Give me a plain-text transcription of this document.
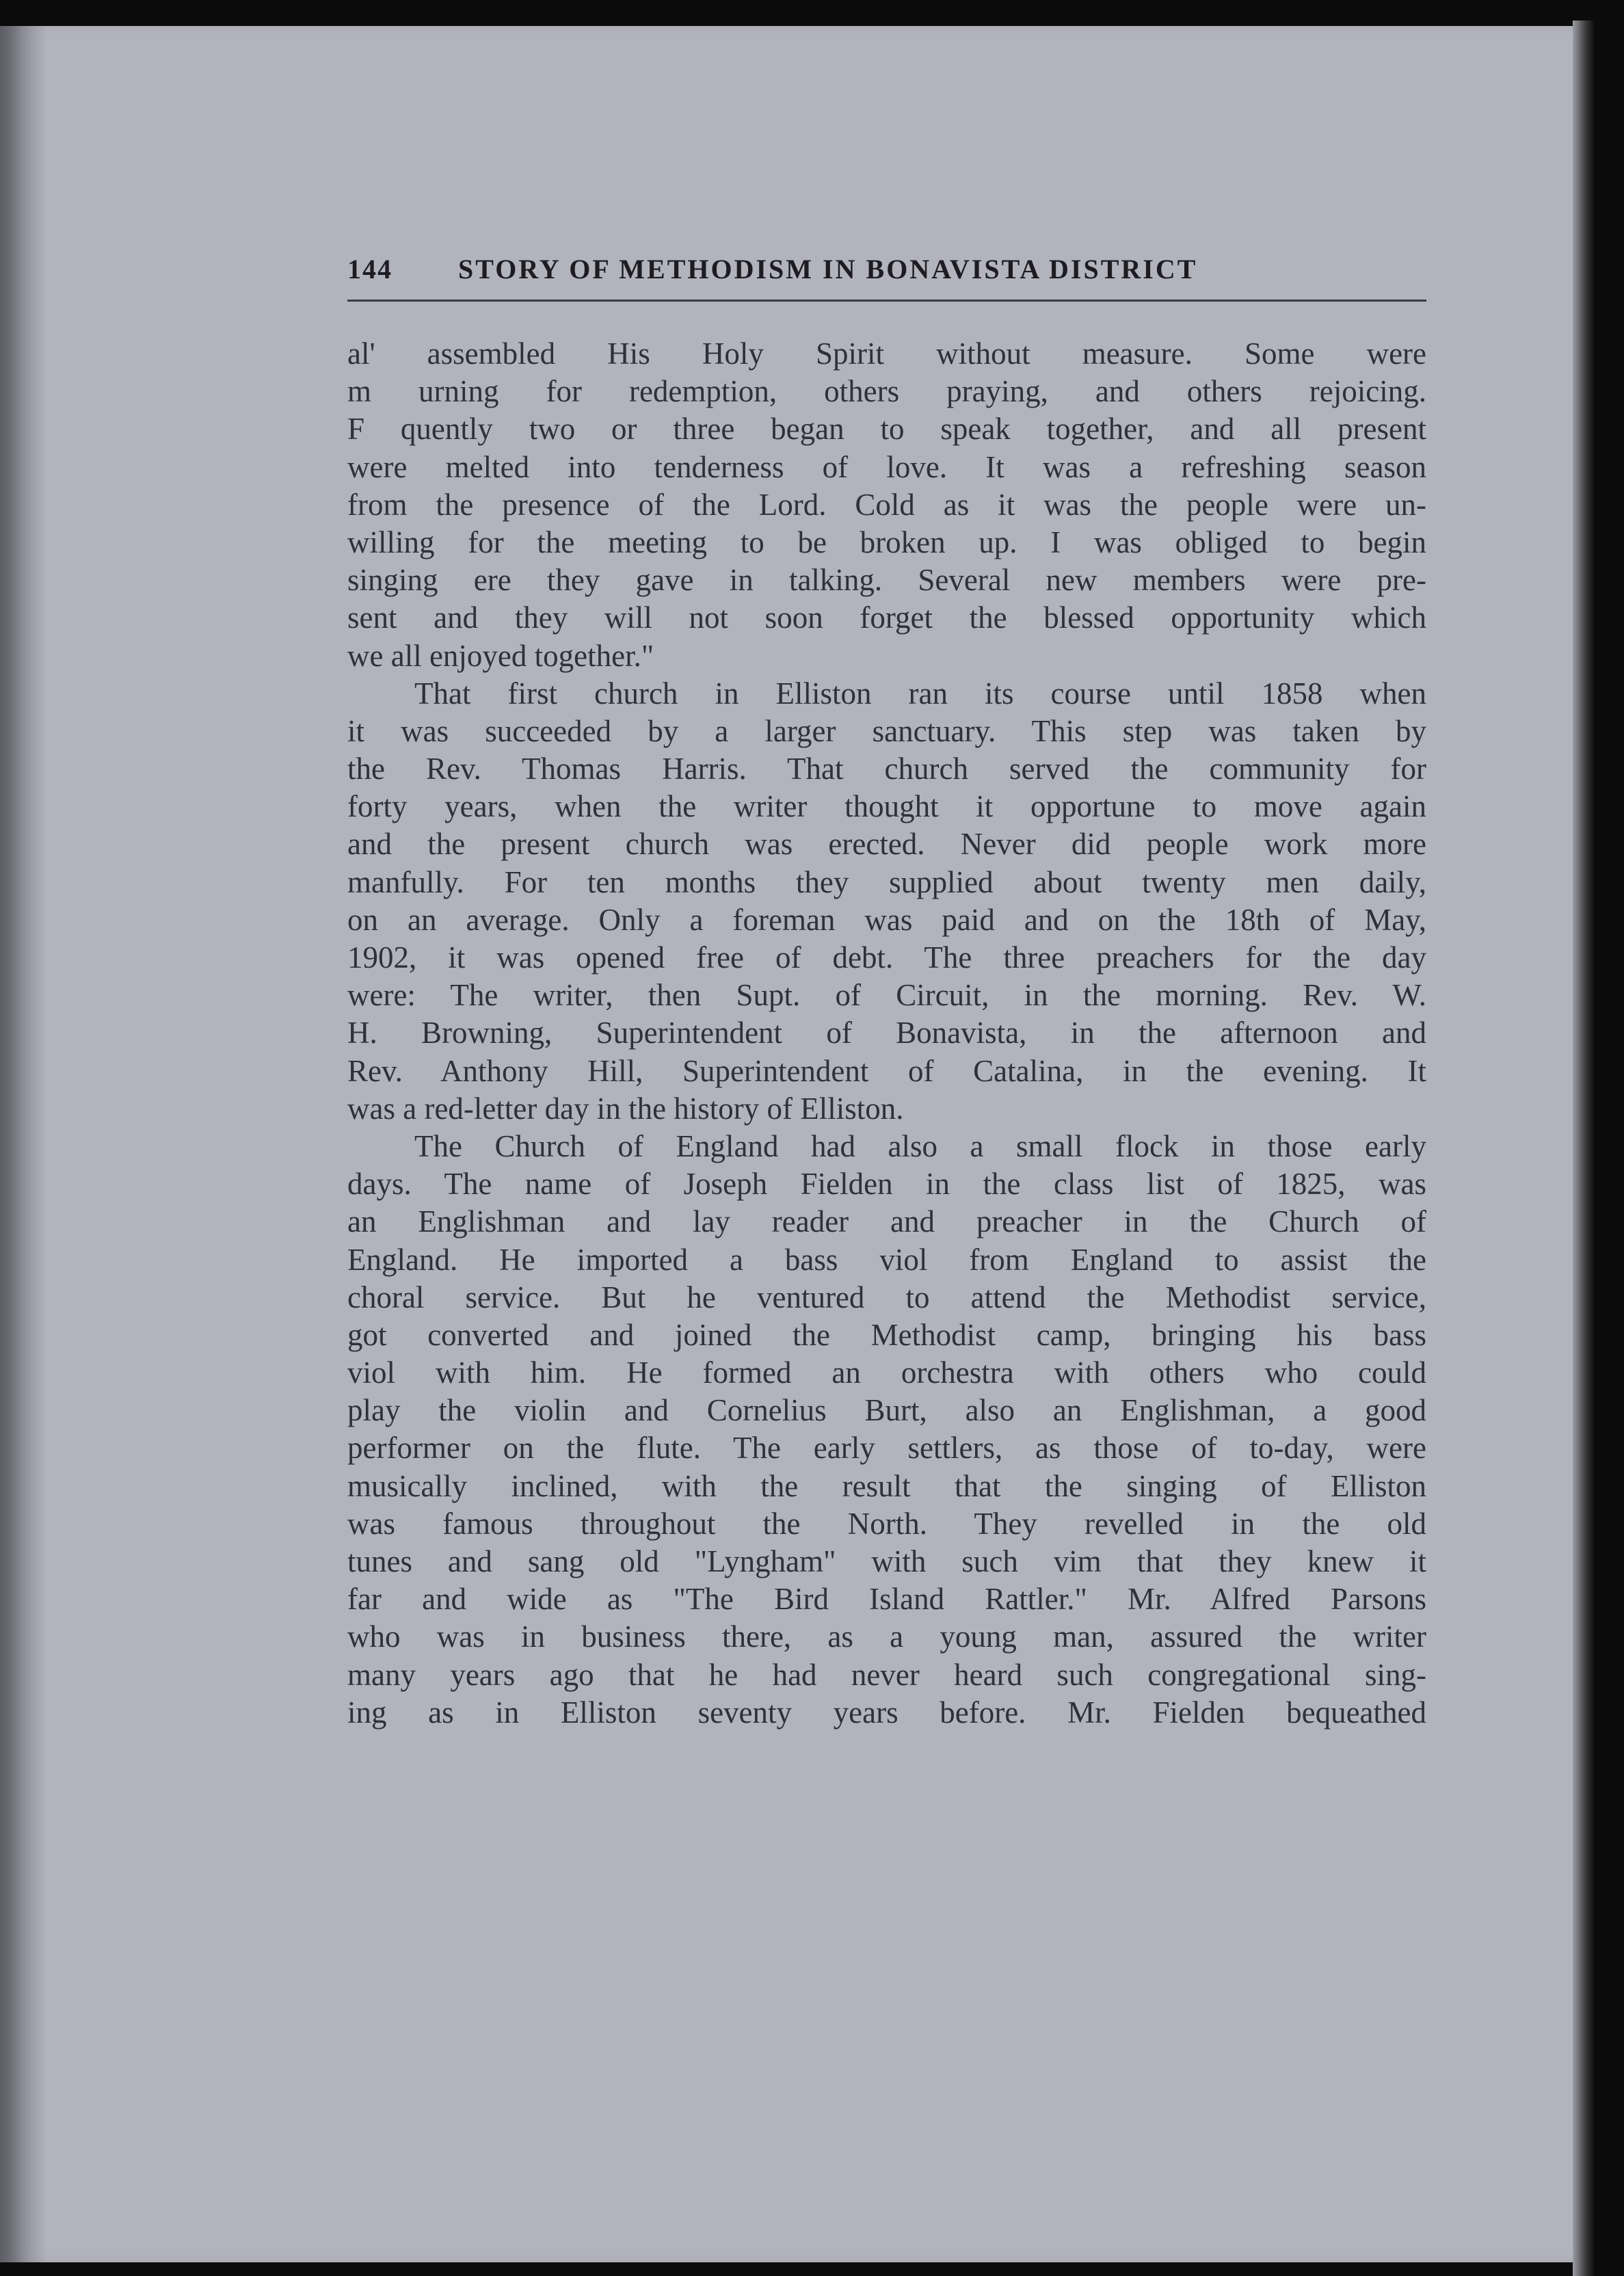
144 STORY OF METHODISM IN BONAVISTA DISTRICT
al' assembled His Holy Spirit without measure. Some were
m urning for redemption, others praying, and others rejoicing.
F quently two or three began to speak together, and all present
were melted into tenderness of love. It was a refreshing season
from the presence of the Lord. Cold as it was the people were un-
willing for the meeting to be broken up. I was obliged to begin
singing ere they gave in talking. Several new members were pre-
sent and they will not soon forget the blessed opportunity which
we all enjoyed together."
That first church in Elliston ran its course until 1858 when
it was succeeded by a larger sanctuary. This step was taken by
the Rev. Thomas Harris. That church served the community for
forty years, when the writer thought it opportune to move again
and the present church was erected. Never did people work more
manfully. For ten months they supplied about twenty men daily,
on an average. Only a foreman was paid and on the 18th of May,
1902, it was opened free of debt. The three preachers for the day
were: The writer, then Supt. of Circuit, in the morning. Rev. W.
H. Browning, Superintendent of Bonavista, in the afternoon and
Rev. Anthony Hill, Superintendent of Catalina, in the evening. It
was a red-letter day in the history of Elliston.
The Church of England had also a small flock in those early
days. The name of Joseph Fielden in the class list of 1825, was
an Englishman and lay reader and preacher in the Church of
England. He imported a bass viol from England to assist the
choral service. But he ventured to attend the Methodist service,
got converted and joined the Methodist camp, bringing his bass
viol with him. He formed an orchestra with others who could
play the violin and Cornelius Burt, also an Englishman, a good
performer on the flute. The early settlers, as those of to-day, were
musically inclined, with the result that the singing of Elliston
was famous throughout the North. They revelled in the old
tunes and sang old "Lyngham" with such vim that they knew it
far and wide as "The Bird Island Rattler." Mr. Alfred Parsons
who was in business there, as a young man, assured the writer
many years ago that he had never heard such congregational sing-
ing as in Elliston seventy years before. Mr. Fielden bequeathed
